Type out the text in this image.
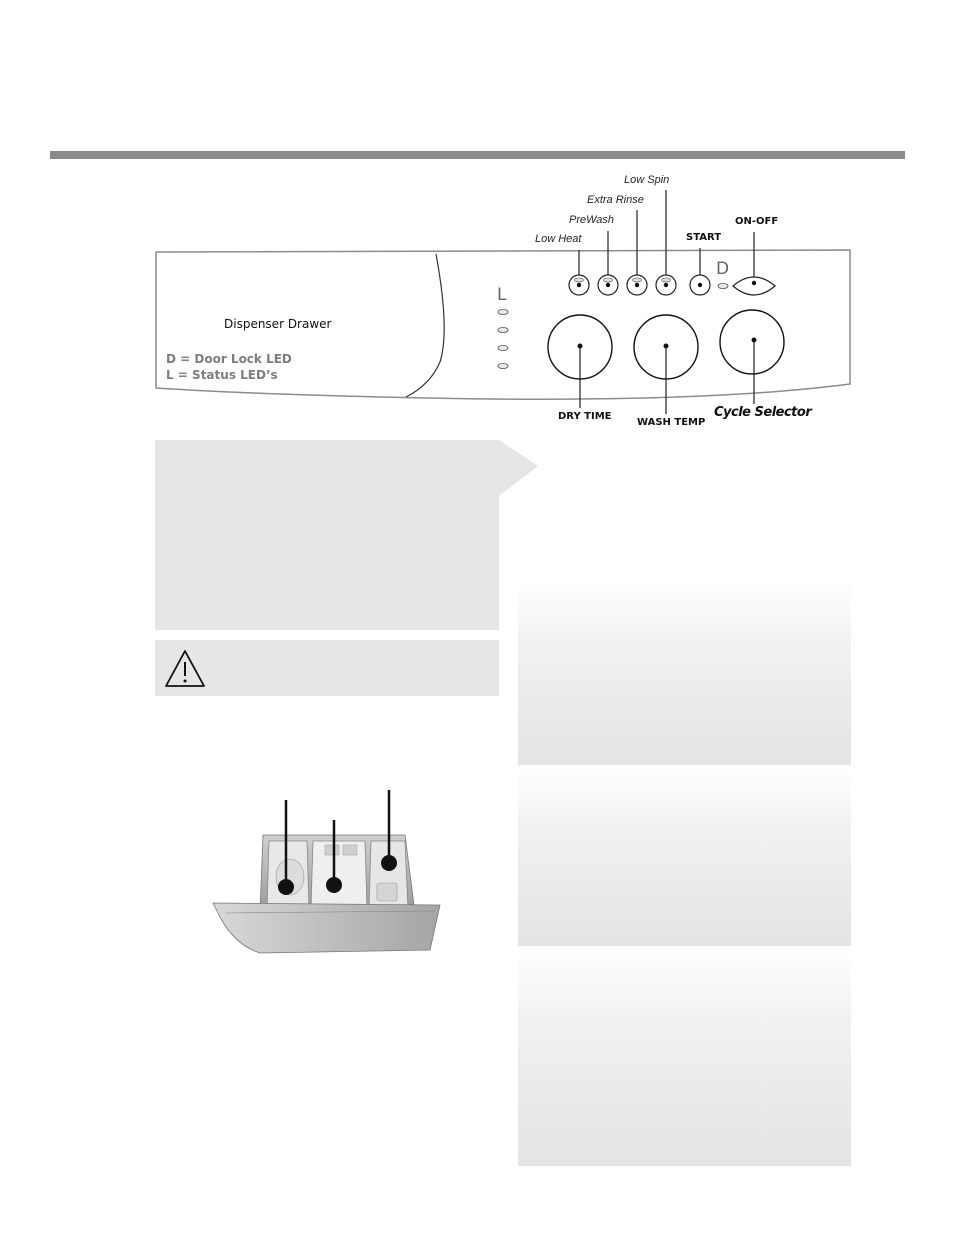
Low Spin
Extra Rinse
PreWash
Low Heat	START
ON-OFF
L
D
Dispenser Drawer
D = Door Lock LED
L = Status LED’s
DRY TIME
WASH TEMP
Cycle Selector
